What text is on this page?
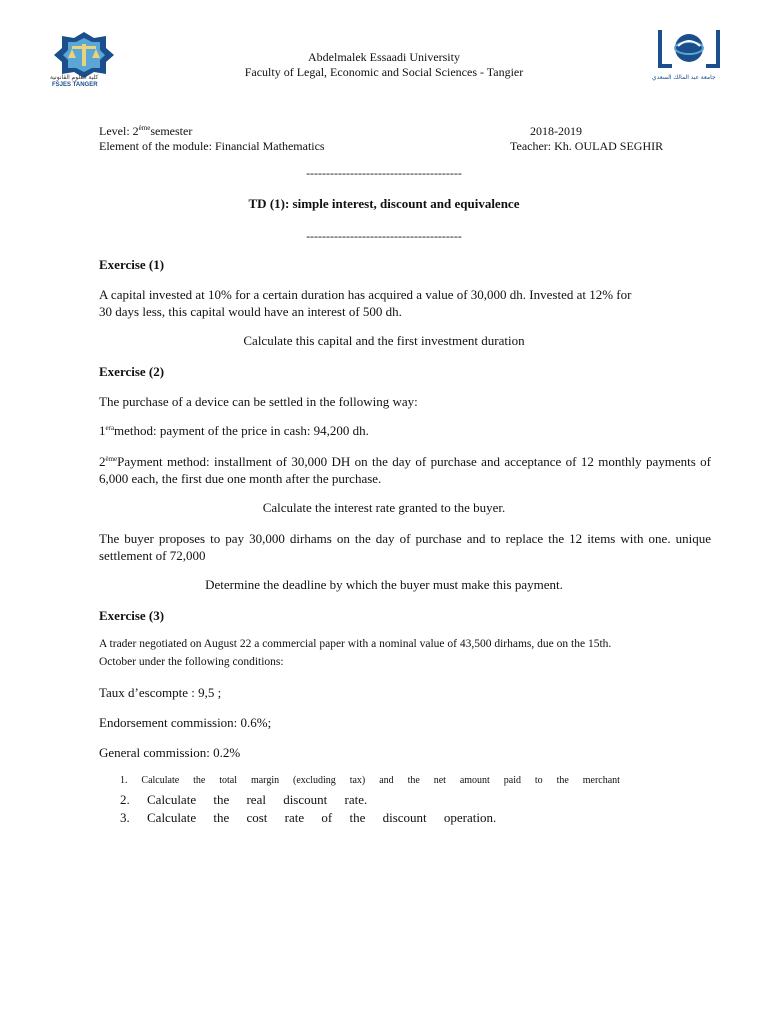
ﻛﻠﻴﺔ ﺍﻟﻌﻠﻮﻡ ﺍﻟﻘﺎﻧﻮﻧﻴﺔ
FSJES TANGER
ﺟﺎﻣﻌﺔ ﻋﺒﺪ ﺍﻟﻤﺎﻟﻚ ﺍﻟﺴﻌﺪﻱ
Abdelmalek Essaadi University
Faculty of Legal, Economic and Social Sciences - Tangier
Level: 2èmesemester	2018-2019
Element of the module: Financial Mathematics	Teacher: Kh. OULAD SEGHIR
---------------------------------------
TD (1): simple interest, discount and equivalence
---------------------------------------
Exercise (1)
A capital invested at 10% for a certain duration has acquired a value of 30,000 dh. Invested at 12% for
30 days less, this capital would have an interest of 500 dh.
Calculate this capital and the first investment duration
Exercise (2)
The purchase of a device can be settled in the following way:
$1^{era}method$: payment of the price in cash: 94,200 dh.
2èmePayment method: installment of 30,000 DH on the day of purchase and acceptance of 12 monthly payments of 6,000 each, the first due one month after the purchase.
Calculate the interest rate granted to the buyer.
The buyer proposes to pay 30,000 dirhams on the day of purchase and to replace the 12 items with one. unique settlement of 72,000
Determine the deadline by which the buyer must make this payment.
Exercise (3)
A trader negotiated on August 22 a commercial paper with a nominal value of 43,500 dirhams, due on the 15th.
October under the following conditions:
Taux d’escompte : 9,5 ;
Endorsement commission: 0.6%;
General commission: 0.2%
1. Calculate the total margin (excluding tax) and the net amount paid to the merchant
2. Calculate the real discount rate.
3. Calculate the cost rate of the discount operation.
